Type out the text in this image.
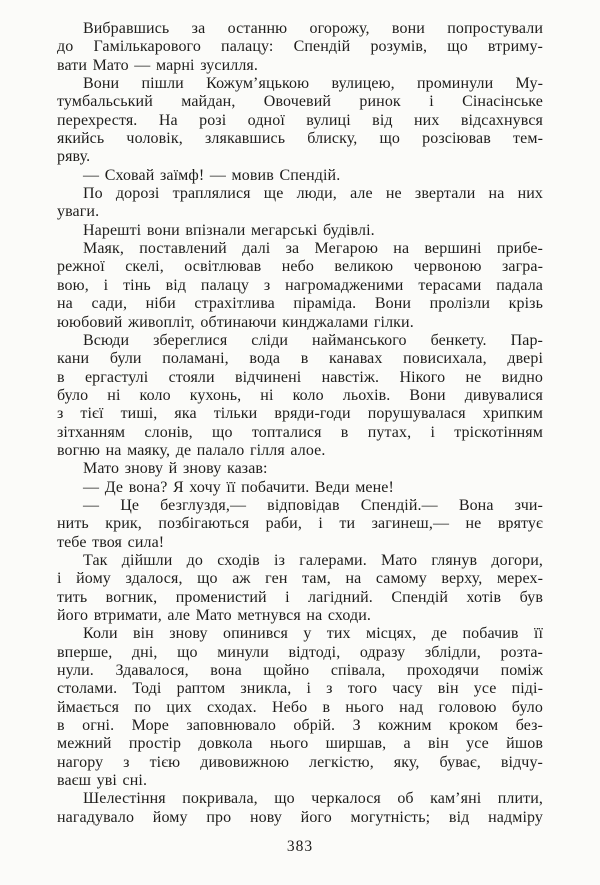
Вибравшись за останню огорожу, вони попростували
до Гамількарового палацу: Спендій розумів, що втриму-
вати Мато — марні зусилля.

Вони пішли Кожум’яцькою вулицею, проминули Му-
тумбальський майдан, Овочевий ринок і Сінасінське
перехрестя. На розі одної вулиці від них відсахнувся
якийсь чоловік, злякавшись блиску, що розсіював тем-
ряву.

— Сховай заїмф! — мовив Спендій.

По дорозі траплялися ще люди, але не звертали на них
уваги.

Нарешті вони впізнали мегарські будівлі.

Маяк, поставлений далі за Мегарою на вершині прибе-
режної скелі, освітлював небо великою червоною загра-
вою, і тінь від палацу з нагромадженими терасами падала
на сади, ніби страхітлива піраміда. Вони пролізли крізь
ююбовий живопліт, обтинаючи кинджалами гілки.

Всюди збереглися сліди найманського бенкету. Пар-
кани були поламані, вода в канавах повисихала, двері
в ергастулі стояли відчинені навстіж. Нікого не видно
було ні коло кухонь, ні коло льохів. Вони дивувалися
з тієї тиші, яка тільки вряди-годи порушувалася хрипким
зітханням слонів, що топталися в путах, і тріскотінням
вогню на маяку, де палало гілля алое.

Мато знову й знову казав:

— Де вона? Я хочу її побачити. Веди мене!

— Це безглуздя,— відповідав Спендій.— Вона зчи-
нить крик, позбігаються раби, і ти загинеш,— не врятує
тебе твоя сила!

Так дійшли до сходів із галерами. Мато глянув догори,
і йому здалося, що аж ген там, на самому верху, мерех-
тить вогник, променистий і лагідний. Спендій хотів був
його втримати, але Мато метнувся на сходи.

Коли він знову опинився у тих місцях, де побачив її
вперше, дні, що минули відтоді, одразу зблідли, розта-
нули. Здавалося, вона щойно співала, проходячи поміж
столами. Тоді раптом зникла, і з того часу він усе піді-
ймається по цих сходах. Небо в нього над головою було
в огні. Море заповнювало обрій. З кожним кроком без-
межний простір довкола нього ширшав, а він усе йшов
нагору з тією дивовижною легкістю, яку, буває, відчу-
ваєш уві сні.

Шелестіння покривала, що черкалося об кам’яні плити,
нагадувало йому про нову його могутність; від надміру

383
